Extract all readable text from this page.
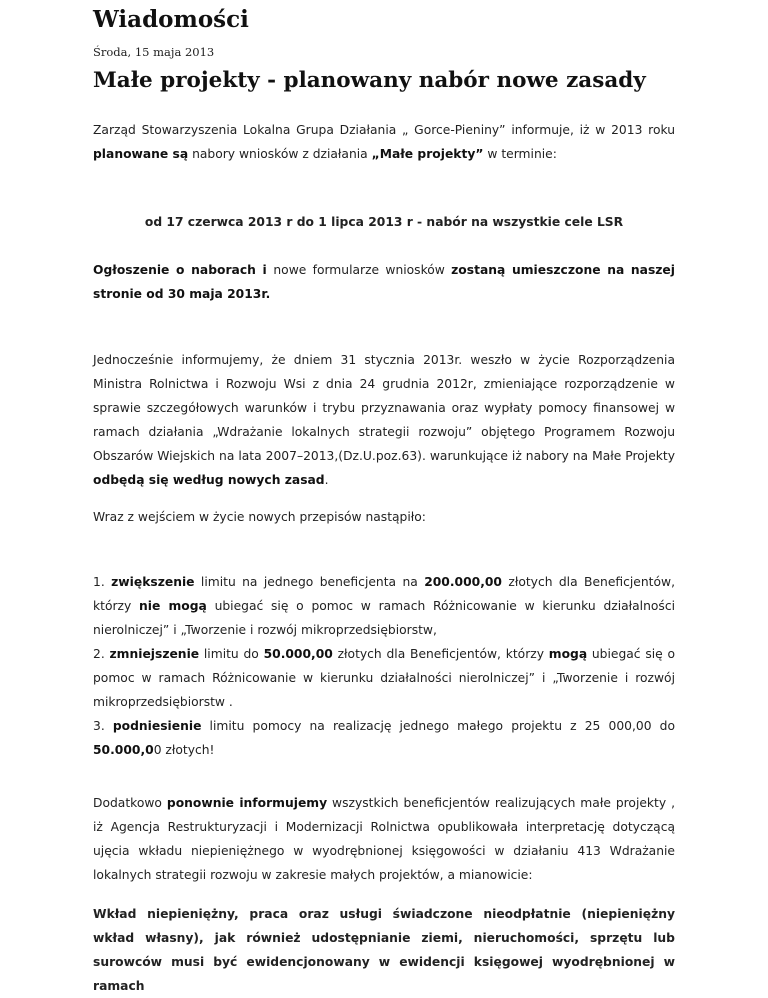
Wiadomości

Środa, 15 maja 2013

Małe projekty - planowany nabór nowe zasady

Zarząd Stowarzyszenia Lokalna Grupa Działania „ Gorce-Pieniny” informuje, iż w 2013 roku planowane są nabory wniosków z działania „Małe projekty” w terminie:

od 17 czerwca 2013 r do 1 lipca 2013 r - nabór na wszystkie cele LSR

Ogłoszenie o naborach i nowe formularze wniosków zostaną umieszczone na naszej stronie od 30 maja 2013r.

Jednocześnie informujemy, że dniem 31 stycznia 2013r. weszło w życie Rozporządzenia Ministra Rolnictwa i Rozwoju Wsi z dnia 24 grudnia 2012r, zmieniające rozporządzenie w sprawie szczegółowych warunków i trybu przyznawania oraz wypłaty pomocy finansowej w ramach działania „Wdrażanie lokalnych strategii rozwoju” objętego Programem Rozwoju Obszarów Wiejskich na lata 2007–2013,(Dz.U.poz.63). warunkujące iż nabory na Małe Projekty odbędą się według nowych zasad.

Wraz z wejściem w życie nowych przepisów nastąpiło:

1. zwiększenie limitu na jednego beneficjenta na 200.000,00 złotych dla Beneficjentów, którzy nie mogą ubiegać się o pomoc w ramach Różnicowanie w kierunku działalności nierolniczej” i „Tworzenie i rozwój mikroprzedsiębiorstw,
2. zmniejszenie limitu do 50.000,00 złotych dla Beneficjentów, którzy mogą ubiegać się o pomoc w ramach Różnicowanie w kierunku działalności nierolniczej” i „Tworzenie i rozwój mikroprzedsiębiorstw .
3. podniesienie limitu pomocy na realizację jednego małego projektu z 25 000,00 do 50.000,00 złotych!

Dodatkowo ponownie informujemy wszystkich beneficjentów realizujących małe projekty , iż Agencja Restrukturyzacji i Modernizacji Rolnictwa opublikowała interpretację dotyczącą ujęcia wkładu niepieniężnego w wyodrębnionej księgowości w działaniu 413 Wdrażanie lokalnych strategii rozwoju w zakresie małych projektów, a mianowicie:

Wkład niepieniężny, praca oraz usługi świadczone nieodpłatnie (niepieniężny wkład własny), jak również udostępnianie ziemi, nieruchomości, sprzętu lub surowców musi być ewidencjonowany w ewidencji księgowej wyodrębnionej w ramach
